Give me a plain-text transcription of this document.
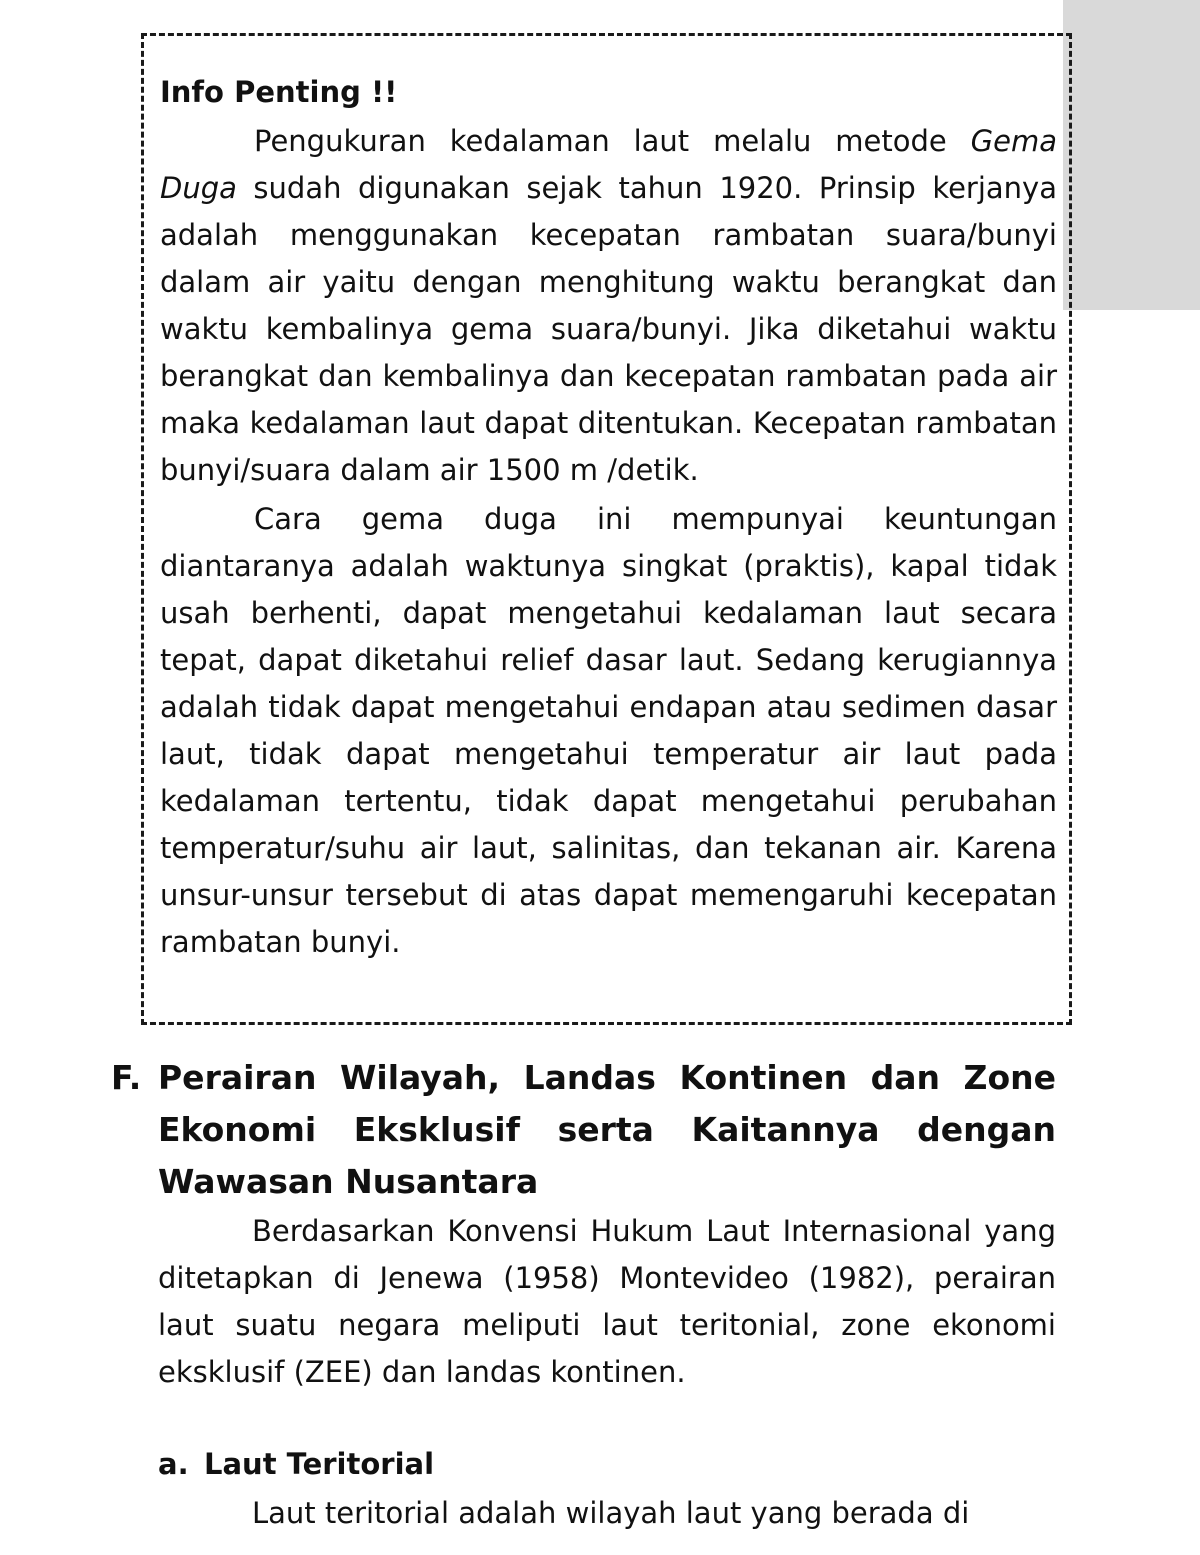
Info Penting !!

Pengukuran kedalaman laut melalu metode Gema Duga sudah digunakan sejak tahun 1920. Prinsip kerjanya adalah menggunakan kecepatan rambatan suara/bunyi dalam air yaitu dengan menghitung waktu berangkat dan waktu kembalinya gema suara/bunyi. Jika diketahui waktu berangkat dan kembalinya dan kecepatan rambatan pada air maka kedalaman laut dapat ditentukan. Kecepatan rambatan bunyi/suara dalam air 1500 m /detik.

Cara gema duga ini mempunyai keuntungan diantaranya adalah waktunya singkat (praktis), kapal tidak usah berhenti, dapat mengetahui kedalaman laut secara tepat, dapat diketahui relief dasar laut. Sedang kerugiannya adalah tidak dapat mengetahui endapan atau sedimen dasar laut, tidak dapat mengetahui temperatur air laut pada kedalaman tertentu, tidak dapat mengetahui perubahan temperatur/suhu air laut, salinitas, dan tekanan air. Karena unsur-unsur tersebut di atas dapat memengaruhi kecepatan rambatan bunyi.

F. Perairan Wilayah, Landas Kontinen dan Zone Ekonomi Eksklusif serta Kaitannya dengan Wawasan Nusantara

Berdasarkan Konvensi Hukum Laut Internasional yang ditetapkan di Jenewa (1958) Montevideo (1982), perairan laut suatu negara meliputi laut teritonial, zone ekonomi eksklusif (ZEE) dan landas kontinen.

a. Laut Teritorial

Laut teritorial adalah wilayah laut yang berada di
